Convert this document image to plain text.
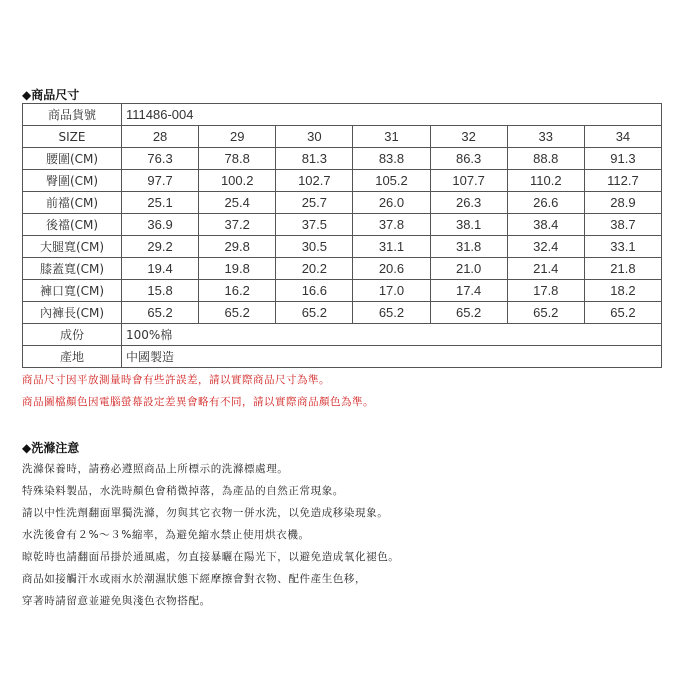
◆商品尺寸
商品貨號	111486-004						
SIZE	28	29	30	31	32	33	34
腰圍(CM)	76.3	78.8	81.3	83.8	86.3	88.8	91.3
臀圍(CM)	97.7	100.2	102.7	105.2	107.7	110.2	112.7
前襠(CM)	25.1	25.4	25.7	26.0	26.3	26.6	28.9
後襠(CM)	36.9	37.2	37.5	37.8	38.1	38.4	38.7
大腿寬(CM)	29.2	29.8	30.5	31.1	31.8	32.4	33.1
膝蓋寬(CM)	19.4	19.8	20.2	20.6	21.0	21.4	21.8
褲口寬(CM)	15.8	16.2	16.6	17.0	17.4	17.8	18.2
內褲長(CM)	65.2	65.2	65.2	65.2	65.2	65.2	65.2
成份	100%棉						
產地	中國製造						
商品尺寸因平放測量時會有些許誤差，請以實際商品尺寸為準。
商品圖檔顏色因電腦螢幕設定差異會略有不同，請以實際商品顏色為準。
◆洗滌注意
洗滌保養時，請務必遵照商品上所標示的洗滌標處理。
特殊染料製品，水洗時顏色會稍微掉落，為產品的自然正常現象。
請以中性洗劑翻面單獨洗滌，勿與其它衣物一併水洗，以免造成移染現象。
水洗後會有２%～３%縮率，為避免縮水禁止使用烘衣機。
晾乾時也請翻面吊掛於通風處，勿直接暴曬在陽光下，以避免造成氧化褪色。
商品如接觸汗水或雨水於潮濕狀態下經摩擦會對衣物、配件產生色移，
穿著時請留意並避免與淺色衣物搭配。
